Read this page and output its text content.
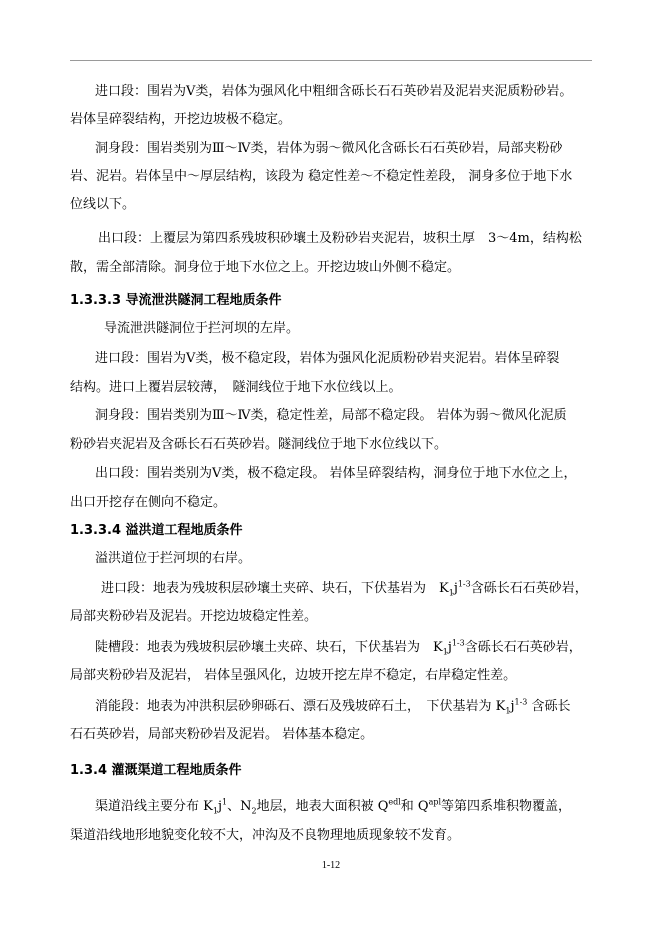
进口段：围岩为Ⅴ类，岩体为强风化中粗细含砾长石石英砂岩及泥岩夹泥质粉砂岩。
岩体呈碎裂结构，开挖边坡极不稳定。
洞身段：围岩类别为Ⅲ～Ⅳ类，岩体为弱～微风化含砾长石石英砂岩，局部夹粉砂
岩、泥岩。岩体呈中～厚层结构，该段为 稳定性差～不稳定性差段， 洞身多位于地下水
位线以下。
出口段：上覆层为第四系残坡积砂壤土及粉砂岩夹泥岩，坡积土厚　3～4m，结构松
散，需全部清除。洞身位于地下水位之上。开挖边坡山外侧不稳定。
1.3.3.3 导流泄洪隧洞工程地质条件
导流泄洪隧洞位于拦河坝的左岸。
进口段：围岩为Ⅴ类，极不稳定段，岩体为强风化泥质粉砂岩夹泥岩。岩体呈碎裂
结构。进口上覆岩层较薄，　隧洞线位于地下水位线以上。
洞身段：围岩类别为Ⅲ～Ⅳ类，稳定性差，局部不稳定段。 岩体为弱～微风化泥质
粉砂岩夹泥岩及含砾长石石英砂岩。隧洞线位于地下水位线以下。
出口段：围岩类别为Ⅴ类，极不稳定段。 岩体呈碎裂结构，洞身位于地下水位之上，
出口开挖存在侧向不稳定。
1.3.3.4 溢洪道工程地质条件
溢洪道位于拦河坝的右岸。
进口段：地表为残坡积层砂壤土夹碎、块石，下伏基岩为　$K_1j^{1-3}$含砾长石石英砂岩，
局部夹粉砂岩及泥岩。开挖边坡稳定性差。
陡槽段：地表为残坡积层砂壤土夹碎、块石，下伏基岩为　$K_1j^{1-3}$含砾长石石英砂岩，
局部夹粉砂岩及泥岩， 岩体呈强风化，边坡开挖左岸不稳定，右岸稳定性差。
消能段：地表为冲洪积层砂卵砾石、漂石及残坡碎石土，　下伏基岩为 $K_1j^{1-3}$ 含砾长
石石英砂岩，局部夹粉砂岩及泥岩。 岩体基本稳定。
1.3.4 灌溉渠道工程地质条件
渠道沿线主要分布 $K_1j^1$、$N_2$地层，地表大面积被 $Q^{edl}$和 $Q^{apl}$等第四系堆积物覆盖，
渠道沿线地形地貌变化较不大，冲沟及不良物理地质现象较不发育。
1-12
